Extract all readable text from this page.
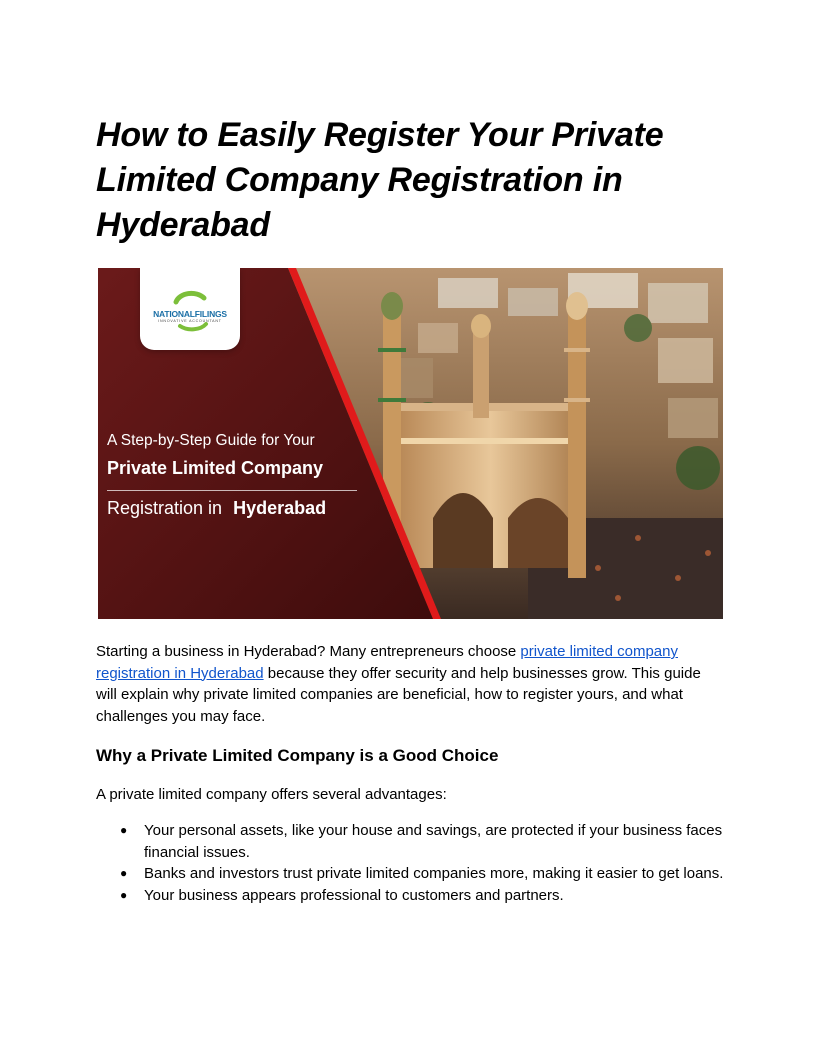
How to Easily Register Your Private Limited Company Registration in Hyderabad
NATIONALFILINGS
INNOVATIVE ACCOUNTANT
A Step-by-Step Guide for Your
Private Limited Company
Registration in Hyderabad

Starting a business in Hyderabad? Many entrepreneurs choose private limited company registration in Hyderabad because they offer security and help businesses grow. This guide will explain why private limited companies are beneficial, how to register yours, and what challenges you may face.

Why a Private Limited Company is a Good Choice

A private limited company offers several advantages:

● Your personal assets, like your house and savings, are protected if your business faces financial issues.
● Banks and investors trust private limited companies more, making it easier to get loans.
● Your business appears professional to customers and partners.
